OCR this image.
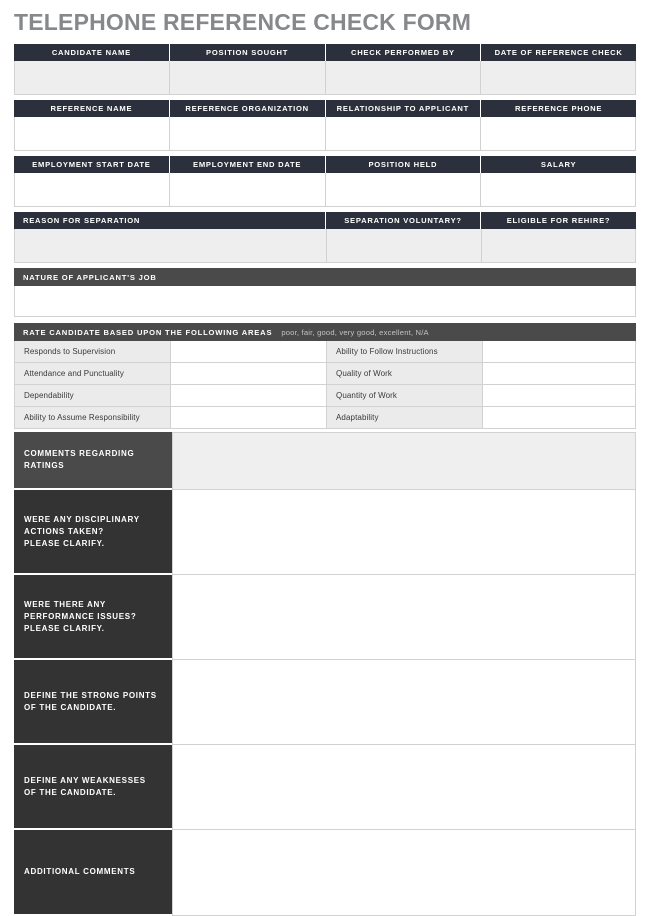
TELEPHONE REFERENCE CHECK FORM
CANDIDATE NAME	POSITION SOUGHT	CHECK PERFORMED BY	DATE OF REFERENCE CHECK
REFERENCE NAME	REFERENCE ORGANIZATION	RELATIONSHIP TO APPLICANT	REFERENCE PHONE
EMPLOYMENT START DATE	EMPLOYMENT END DATE	POSITION HELD	SALARY
REASON FOR SEPARATION	SEPARATION VOLUNTARY?	ELIGIBLE FOR REHIRE?
NATURE OF APPLICANT'S JOB
RATE CANDIDATE BASED UPON THE FOLLOWING AREAS poor, fair, good, very good, excellent, N/A
Responds to Supervision	Ability to Follow Instructions
Attendance and Punctuality	Quality of Work
Dependability	Quantity of Work
Ability to Assume Responsibility	Adaptability
COMMENTS REGARDING
RATINGS
WERE ANY DISCIPLINARY
ACTIONS TAKEN?
PLEASE CLARIFY.
WERE THERE ANY
PERFORMANCE ISSUES?
PLEASE CLARIFY.
DEFINE THE STRONG POINTS
OF THE CANDIDATE.
DEFINE ANY WEAKNESSES
OF THE CANDIDATE.
ADDITIONAL COMMENTS
